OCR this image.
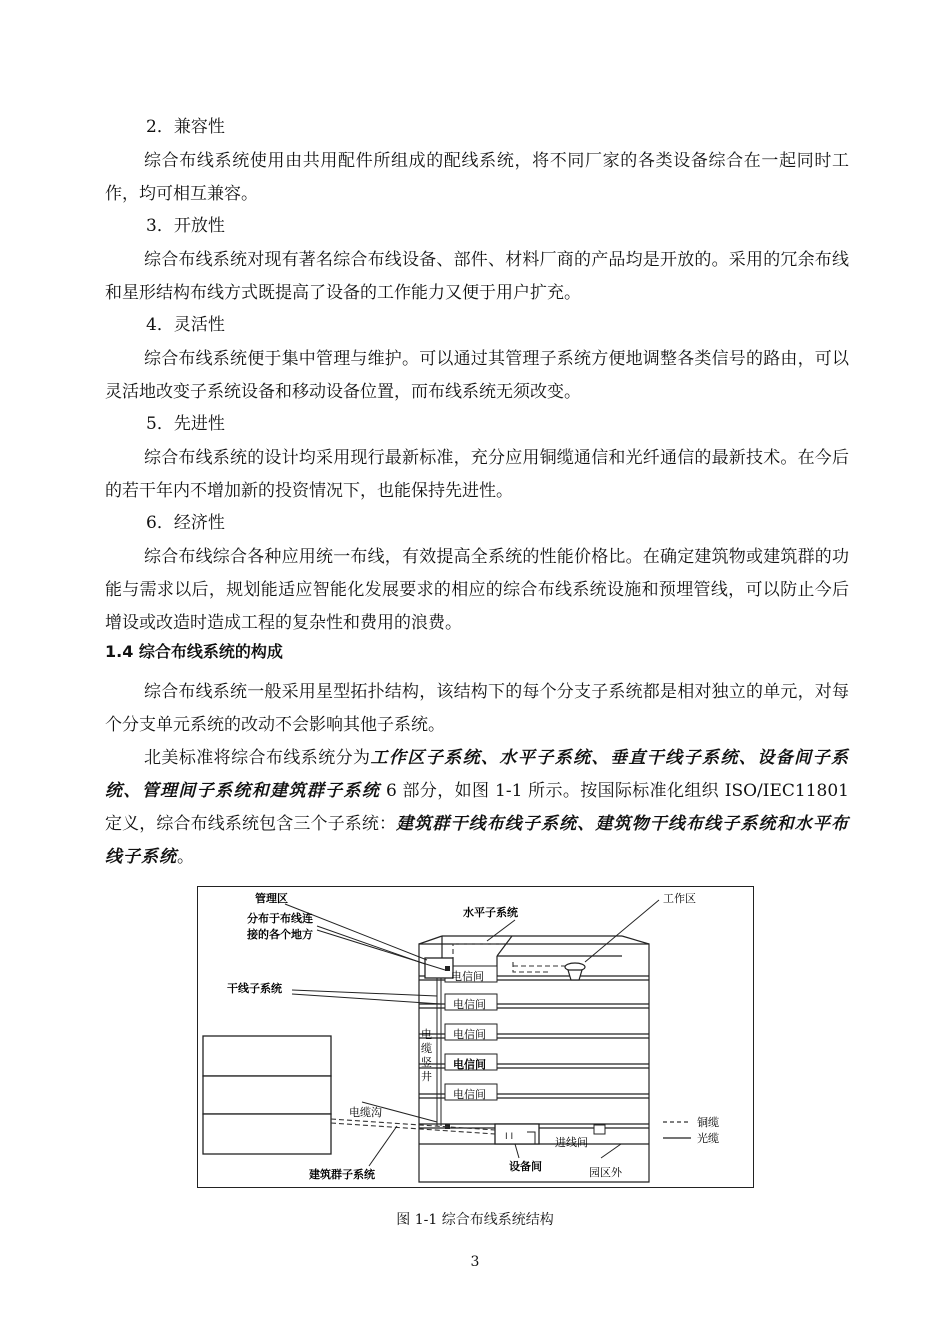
2．兼容性

综合布线系统使用由共用配件所组成的配线系统，将不同厂家的各类设备综合在一起同时工作，均可相互兼容。

3．开放性

综合布线系统对现有著名综合布线设备、部件、材料厂商的产品均是开放的。采用的冗余布线和星形结构布线方式既提高了设备的工作能力又便于用户扩充。

4．灵活性

综合布线系统便于集中管理与维护。可以通过其管理子系统方便地调整各类信号的路由，可以灵活地改变子系统设备和移动设备位置，而布线系统无须改变。

5．先进性

综合布线系统的设计均采用现行最新标准，充分应用铜缆通信和光纤通信的最新技术。在今后的若干年内不增加新的投资情况下，也能保持先进性。

6．经济性

综合布线综合各种应用统一布线，有效提高全系统的性能价格比。在确定建筑物或建筑群的功能与需求以后，规划能适应智能化发展要求的相应的综合布线系统设施和预埋管线，可以防止今后增设或改造时造成工程的复杂性和费用的浪费。

1.4 综合布线系统的构成

综合布线系统一般采用星型拓扑结构，该结构下的每个分支子系统都是相对独立的单元，对每个分支单元系统的改动不会影响其他子系统。

北美标准将综合布线系统分为工作区子系统、水平子系统、垂直干线子系统、设备间子系统、管理间子系统和建筑群子系统 6 部分，如图 1-1 所示。按国际标准化组织 ISO/IEC11801 定义，综合布线系统包含三个子系统：建筑群干线布线子系统、建筑物干线布线子系统和水平布线子系统。

I I
管理区
分布于布线连
接的各个地方
水平子系统
工作区
干线子系统
电信间
电信间
电信间
电信间
电信间
电
缆
竖
井
电缆沟
建筑群子系统
设备间
进线间
园区外
铜缆
光缆
图 1-1 综合布线系统结构
3
